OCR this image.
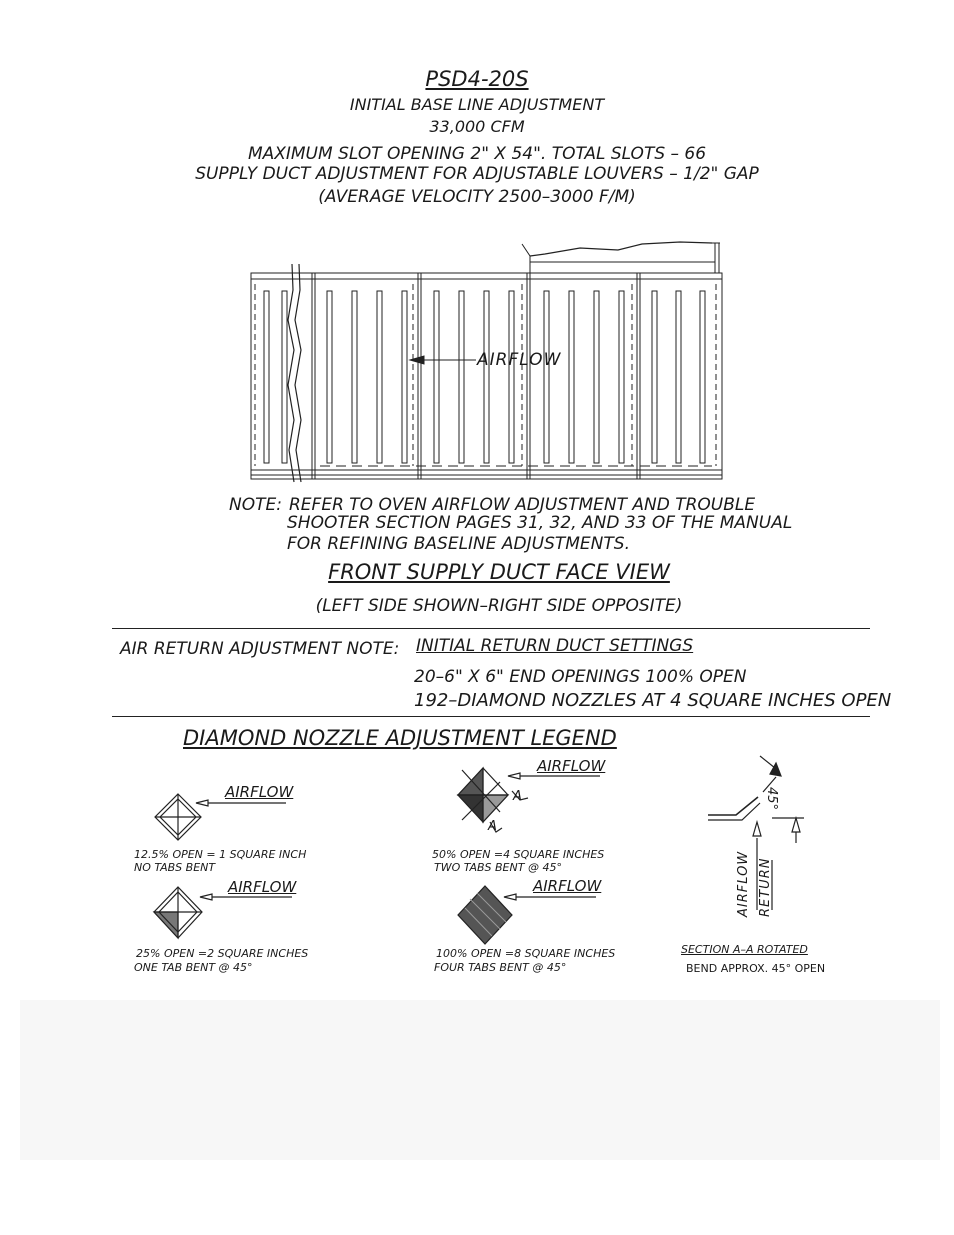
PSD4-20S
INITIAL BASE LINE ADJUSTMENT
33,000 CFM
MAXIMUM SLOT OPENING 2" X 54". TOTAL SLOTS – 66
SUPPLY DUCT ADJUSTMENT FOR ADJUSTABLE LOUVERS – 1/2" GAP
(AVERAGE VELOCITY 2500–3000 F/M)
AIRFLOW
NOTE: REFER TO OVEN AIRFLOW ADJUSTMENT AND TROUBLE
SHOOTER SECTION PAGES 31, 32, AND 33 OF THE MANUAL
FOR REFINING BASELINE ADJUSTMENTS.
FRONT SUPPLY DUCT FACE VIEW
(LEFT SIDE SHOWN–RIGHT SIDE OPPOSITE)
AIR RETURN ADJUSTMENT NOTE: INITIAL RETURN DUCT SETTINGS
20–6" X 6" END OPENINGS 100% OPEN
192–DIAMOND NOZZLES AT 4 SQUARE INCHES OPEN
DIAMOND NOZZLE ADJUSTMENT LEGEND
AIRFLOW
12.5% OPEN = 1 SQUARE INCH
NO TABS BENT
AIRFLOW
25% OPEN =2 SQUARE INCHES
ONE TAB BENT @ 45°
AIRFLOW
A
A
50% OPEN =4 SQUARE INCHES
TWO TABS BENT @ 45°
AIRFLOW
100% OPEN =8 SQUARE INCHES
FOUR TABS BENT @ 45°
45°
AIRFLOW RETURN
SECTION A–A ROTATED
BEND APPROX. 45° OPEN
